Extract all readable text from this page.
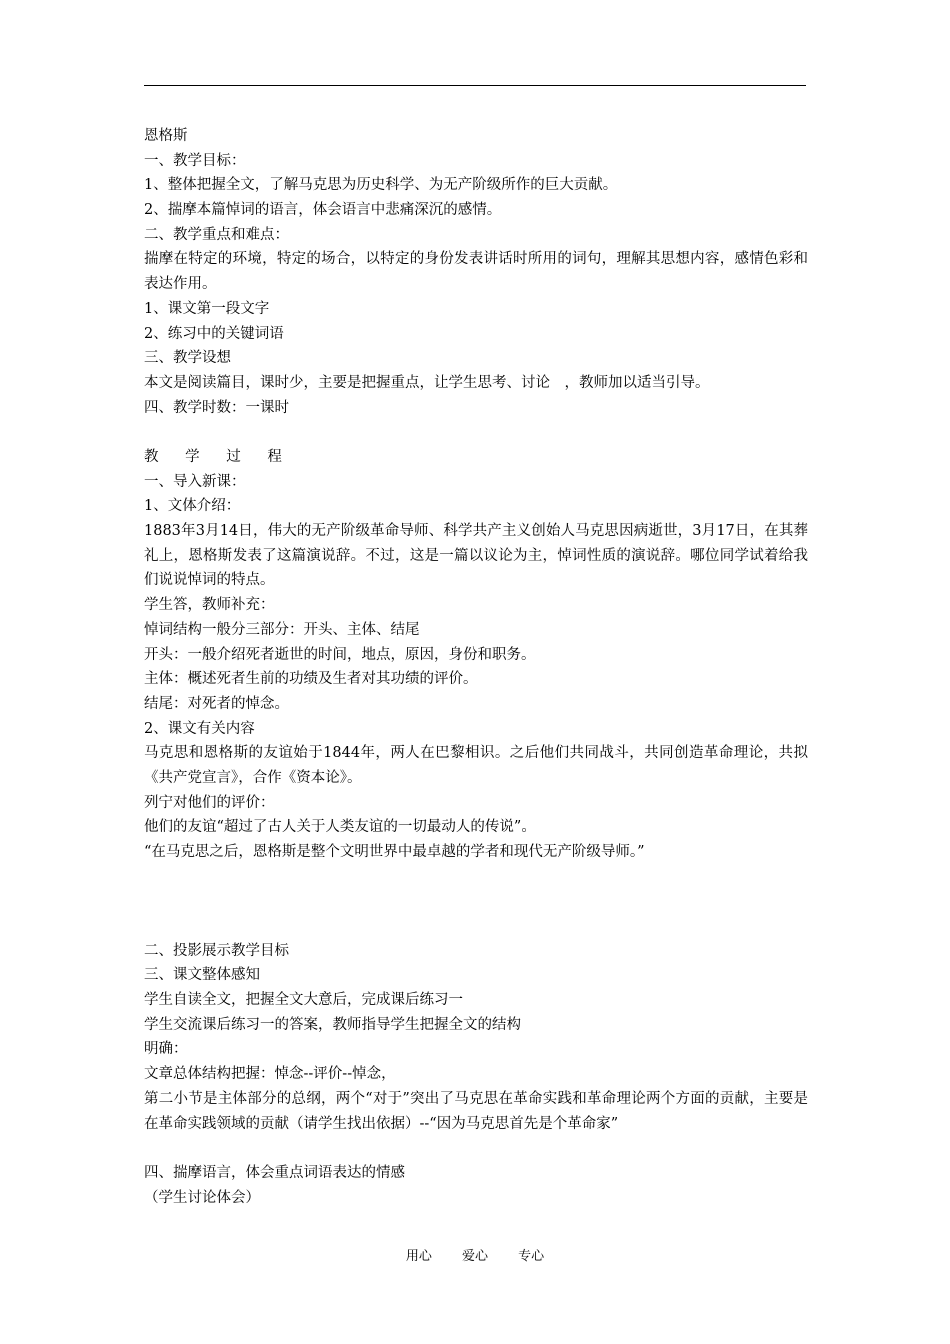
恩格斯
一、教学目标：
1、整体把握全文，了解马克思为历史科学、为无产阶级所作的巨大贡献。
2、揣摩本篇悼词的语言，体会语言中悲痛深沉的感情。
二、教学重点和难点：
揣摩在特定的环境，特定的场合，以特定的身份发表讲话时所用的词句，理解其思想内容，感情色彩和表达作用。
1、课文第一段文字
2、练习中的关键词语
三、教学设想
本文是阅读篇目，课时少，主要是把握重点，让学生思考、讨论　，教师加以适当引导。
四、教学时数：一课时
教 学 过 程
一、导入新课：
1、文体介绍：
1883年3月14日，伟大的无产阶级革命导师、科学共产主义创始人马克思因病逝世，3月17日，在其葬礼上，恩格斯发表了这篇演说辞。不过，这是一篇以议论为主，悼词性质的演说辞。哪位同学试着给我们说说悼词的特点。
学生答，教师补充：
悼词结构一般分三部分：开头、主体、结尾
开头：一般介绍死者逝世的时间，地点，原因，身份和职务。
主体：概述死者生前的功绩及生者对其功绩的评价。
结尾：对死者的悼念。
2、课文有关内容
马克思和恩格斯的友谊始于1844年，两人在巴黎相识。之后他们共同战斗，共同创造革命理论，共拟《共产党宣言》，合作《资本论》。
列宁对他们的评价：
他们的友谊“超过了古人关于人类友谊的一切最动人的传说”。
“在马克思之后，恩格斯是整个文明世界中最卓越的学者和现代无产阶级导师。”
二、投影展示教学目标
三、课文整体感知
学生自读全文，把握全文大意后，完成课后练习一
学生交流课后练习一的答案，教师指导学生把握全文的结构
明确：
文章总体结构把握：悼念--评价--悼念，
第二小节是主体部分的总纲，两个“对于”突出了马克思在革命实践和革命理论两个方面的贡献，主要是在革命实践领域的贡献（请学生找出依据）--“因为马克思首先是个革命家”
四、揣摩语言，体会重点词语表达的情感
（学生讨论体会）
用心 爱心 专心
